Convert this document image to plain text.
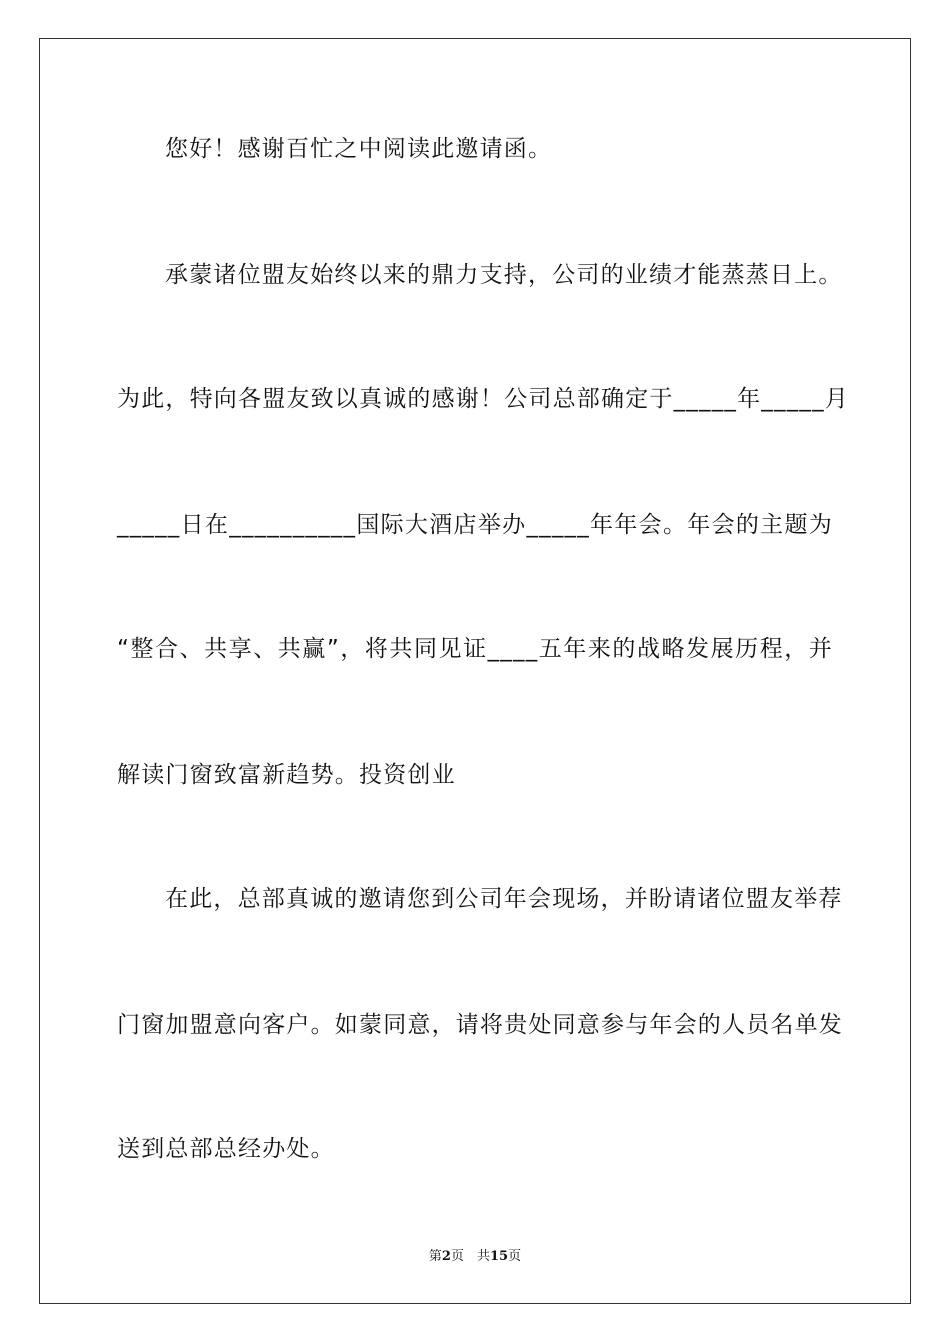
您好！感谢百忙之中阅读此邀请函。
承蒙诸位盟友始终以来的鼎力支持，公司的业绩才能蒸蒸日上。
为此，特向各盟友致以真诚的感谢！公司总部确定于_____年_____月
_____日在__________国际大酒店举办_____年年会。年会的主题为
“整合、共享、共赢”，将共同见证____五年来的战略发展历程，并
解读门窗致富新趋势。投资创业
在此，总部真诚的邀请您到公司年会现场，并盼请诸位盟友举荐
门窗加盟意向客户。如蒙同意，请将贵处同意参与年会的人员名单发
送到总部总经办处。
第2页　共15页
